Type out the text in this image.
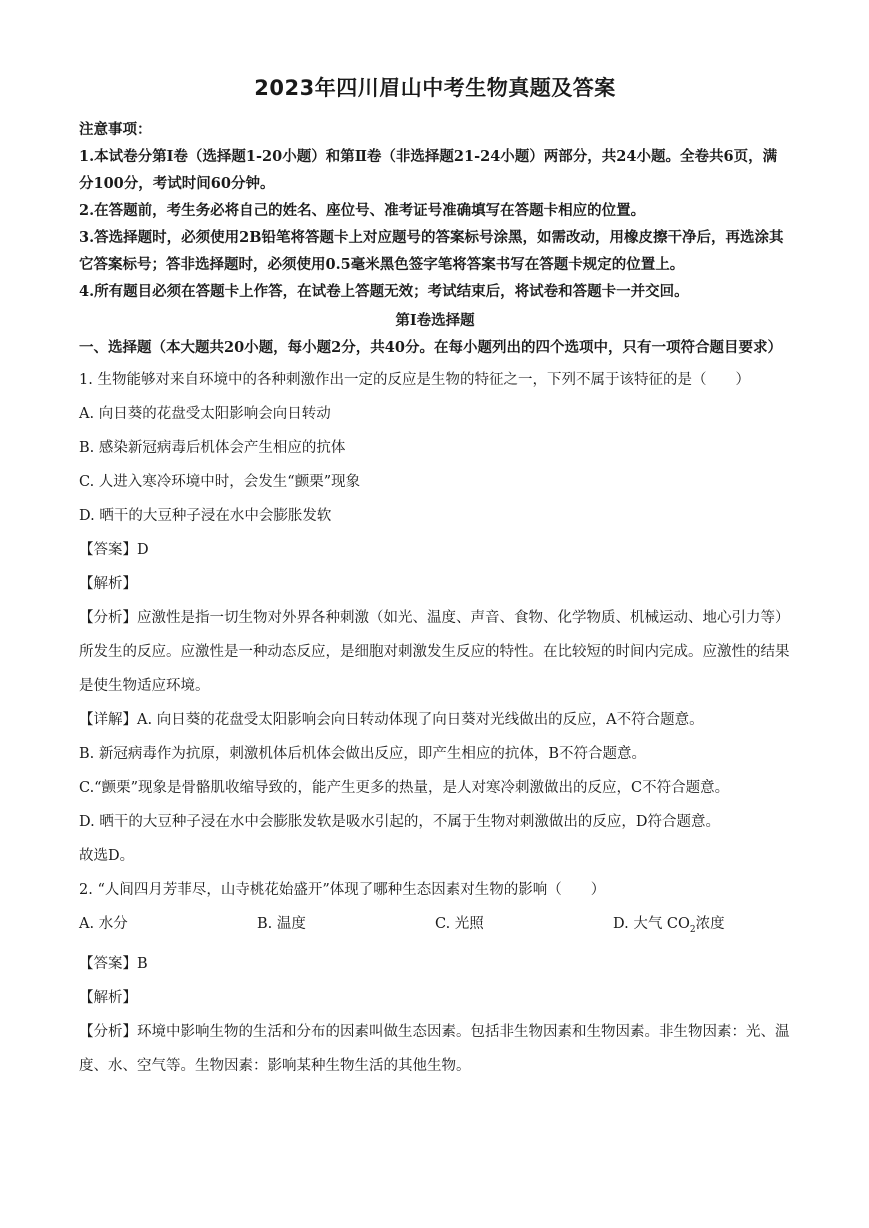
2023年四川眉山中考生物真题及答案

注意事项：

1.本试卷分第Ⅰ卷（选择题1-20小题）和第Ⅱ卷（非选择题21-24小题）两部分，共24小题。全卷共6页，满分100分，考试时间60分钟。

2.在答题前，考生务必将自己的姓名、座位号、准考证号准确填写在答题卡相应的位置。

3.答选择题时，必须使用2B铅笔将答题卡上对应题号的答案标号涂黑，如需改动，用橡皮擦干净后，再选涂其它答案标号；答非选择题时，必须使用0.5毫米黑色签字笔将答案书写在答题卡规定的位置上。

4.所有题目必须在答题卡上作答，在试卷上答题无效；考试结束后，将试卷和答题卡一并交回。

第Ⅰ卷选择题
一、选择题（本大题共20小题，每小题2分，共40分。在每小题列出的四个选项中，只有一项符合题目要求）

1. 生物能够对来自环境中的各种刺激作出一定的反应是生物的特征之一，下列不属于该特征的是（　　）

A. 向日葵的花盘受太阳影响会向日转动

B. 感染新冠病毒后机体会产生相应的抗体

C. 人进入寒冷环境中时，会发生“颤栗”现象

D. 晒干的大豆种子浸在水中会膨胀发软

【答案】D

【解析】

【分析】应激性是指一切生物对外界各种刺激（如光、温度、声音、食物、化学物质、机械运动、地心引力等）所发生的反应。应激性是一种动态反应，是细胞对刺激发生反应的特性。在比较短的时间内完成。应激性的结果是使生物适应环境。

【详解】A. 向日葵的花盘受太阳影响会向日转动体现了向日葵对光线做出的反应，A不符合题意。

B. 新冠病毒作为抗原，刺激机体后机体会做出反应，即产生相应的抗体，B不符合题意。

C.“颤栗”现象是骨骼肌收缩导致的，能产生更多的热量，是人对寒冷刺激做出的反应，C不符合题意。

D. 晒干的大豆种子浸在水中会膨胀发软是吸水引起的，不属于生物对刺激做出的反应，D符合题意。

故选D。

2. “人间四月芳菲尽，山寺桃花始盛开”体现了哪种生态因素对生物的影响（　　）

A. 水分	B. 温度	C. 光照	D. 大气 $CO_2$浓度

【答案】B

【解析】

【分析】环境中影响生物的生活和分布的因素叫做生态因素。包括非生物因素和生物因素。非生物因素：光、温度、水、空气等。生物因素：影响某种生物生活的其他生物。
